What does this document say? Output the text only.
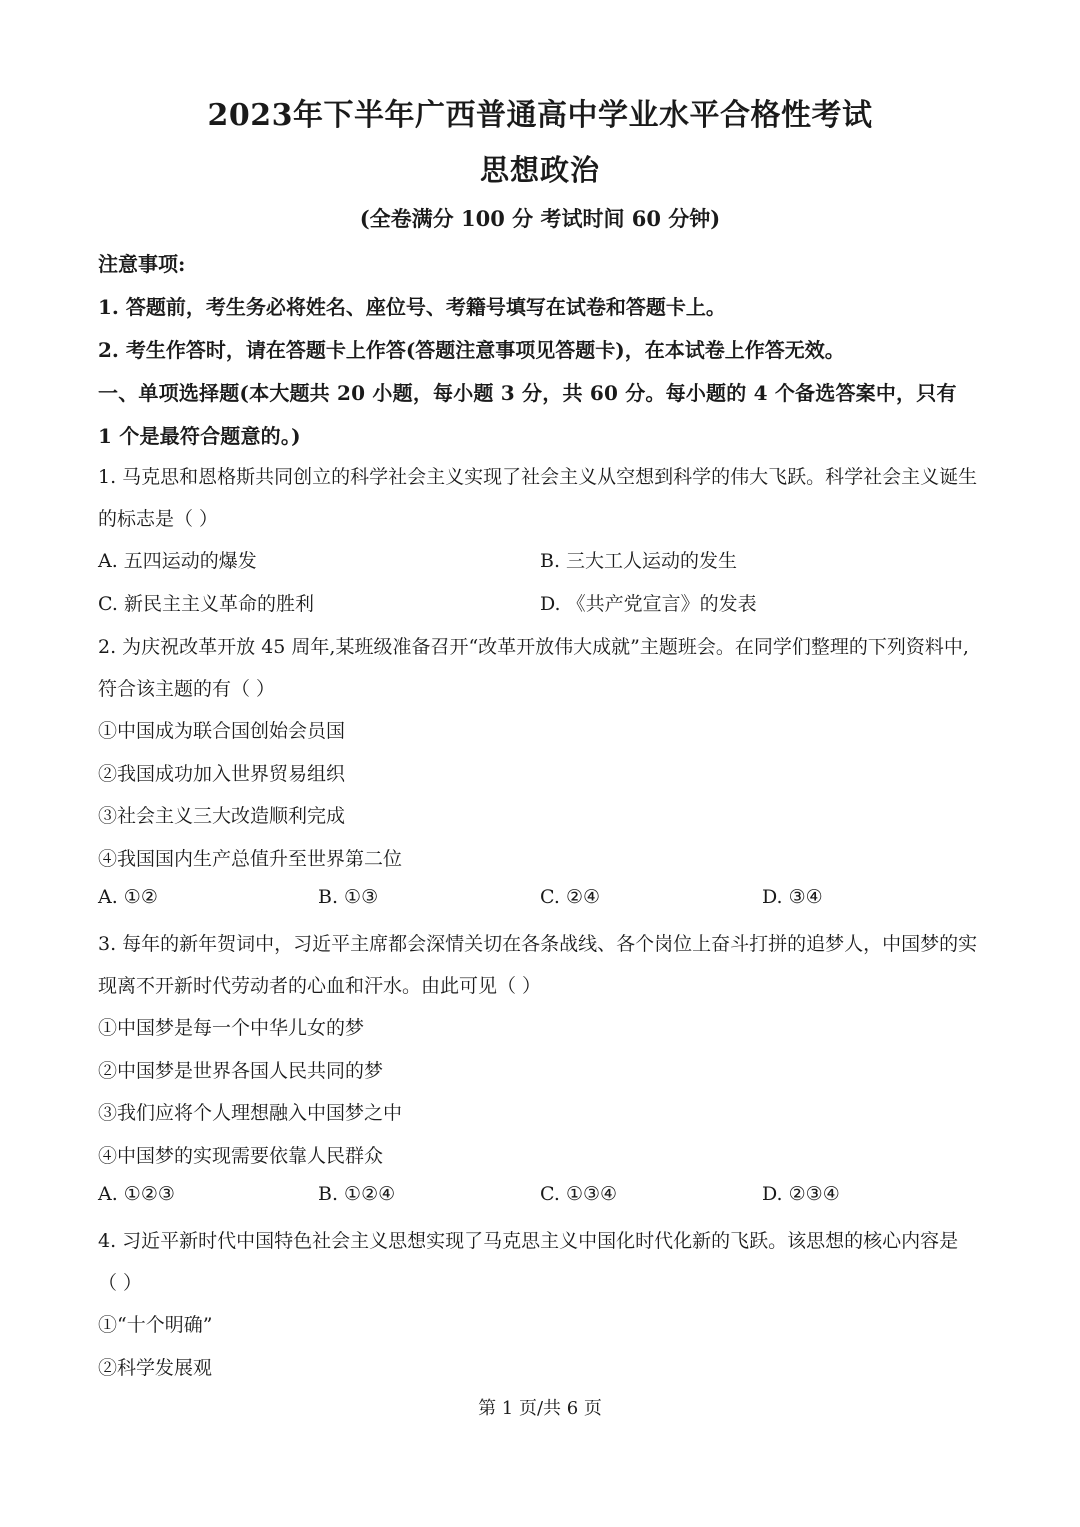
2023年下半年广西普通高中学业水平合格性考试
思想政治
(全卷满分 100 分 考试时间 60 分钟)
注意事项:
1. 答题前，考生务必将姓名、座位号、考籍号填写在试卷和答题卡上。
2. 考生作答时，请在答题卡上作答(答题注意事项见答题卡)，在本试卷上作答无效。
一、单项选择题(本大题共 20 小题，每小题 3 分，共 60 分。每小题的 4 个备选答案中，只有
1 个是最符合题意的。)
1. 马克思和恩格斯共同创立的科学社会主义实现了社会主义从空想到科学的伟大飞跃。科学社会主义诞生
的标志是（ ）
A. 五四运动的爆发	B. 三大工人运动的发生
C. 新民主主义革命的胜利	D. 《共产党宣言》的发表
2. 为庆祝改革开放 45 周年,某班级准备召开“改革开放伟大成就”主题班会。在同学们整理的下列资料中,
符合该主题的有（ ）
①中国成为联合国创始会员国
②我国成功加入世界贸易组织
③社会主义三大改造顺利完成
④我国国内生产总值升至世界第二位
A. ①②	B. ①③	C. ②④	D. ③④
3. 每年的新年贺词中，习近平主席都会深情关切在各条战线、各个岗位上奋斗打拼的追梦人，中国梦的实
现离不开新时代劳动者的心血和汗水。由此可见（ ）
①中国梦是每一个中华儿女的梦
②中国梦是世界各国人民共同的梦
③我们应将个人理想融入中国梦之中
④中国梦的实现需要依靠人民群众
A. ①②③	B. ①②④	C. ①③④	D. ②③④
4. 习近平新时代中国特色社会主义思想实现了马克思主义中国化时代化新的飞跃。该思想的核心内容是
（ ）
①“十个明确”
②科学发展观
第 1 页/共 6 页
